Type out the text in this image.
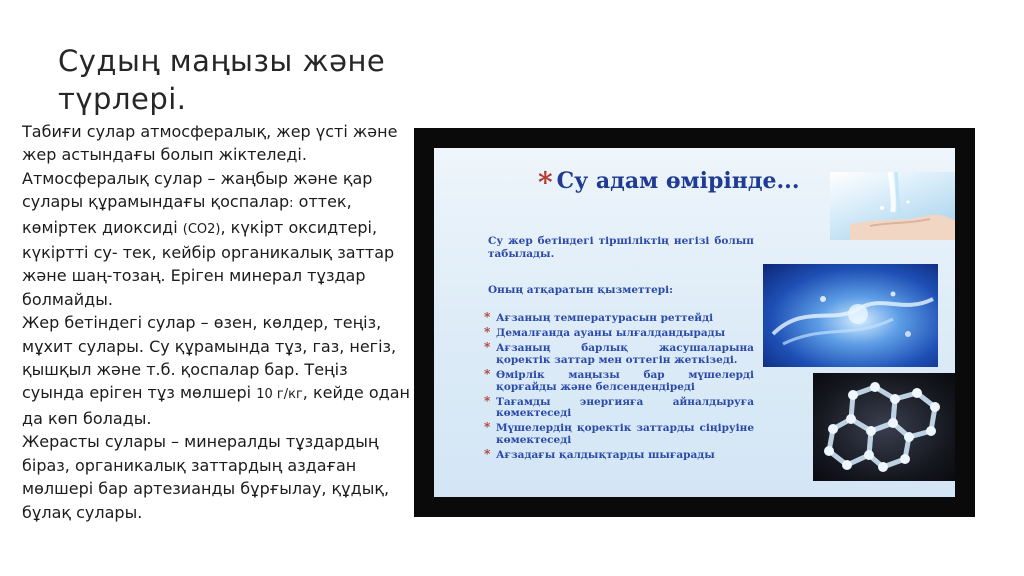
Судың маңызы және түрлері.

Табиғи сулар атмосфералық, жер үсті және жер астындағы болып жіктеледі.

Атмосфералық сулар – жаңбыр және қар сулары құрамындағы қоспалар: оттек, көміртек диоксиді (СО2), күкірт оксидтері, күкіртті су- тек, кейбір органикалық заттар және шаң-тозаң. Еріген минерал тұздар болмайды.

Жер бетіндегі сулар – өзен, көлдер, теңіз, мұхит сулары. Су құрамында тұз, газ, негіз, қышқыл және т.б. қоспалар бар. Теңіз суында еріген тұз мөлшері 10 г/кг, кейде одан да көп болады.

Жерасты сулары – минералды тұздардың біраз, органикалық заттардың аздаған мөлшері бар артезианды бұрғылау, құдық, бұлақ сулары.

* Су адам өмірінде...
Су жер бетіндегі тіршіліктің негізі болып табылады.
Оның атқаратын қызметтері:
* Ағзаның температурасын реттейді
* Демалғанда ауаны ылғалдандырады
* Ағзаның барлық жасушаларына қоректік заттар мен оттегін жеткізеді.
* Өмірлік маңызы бар мүшелерді қорғайды және белсендендіреді
* Тағамды энергияға айналдыруға көмектеседі
* Мүшелердің қоректік заттарды сіңіруіне көмектеседі
* Ағзадағы қалдықтарды шығарады
